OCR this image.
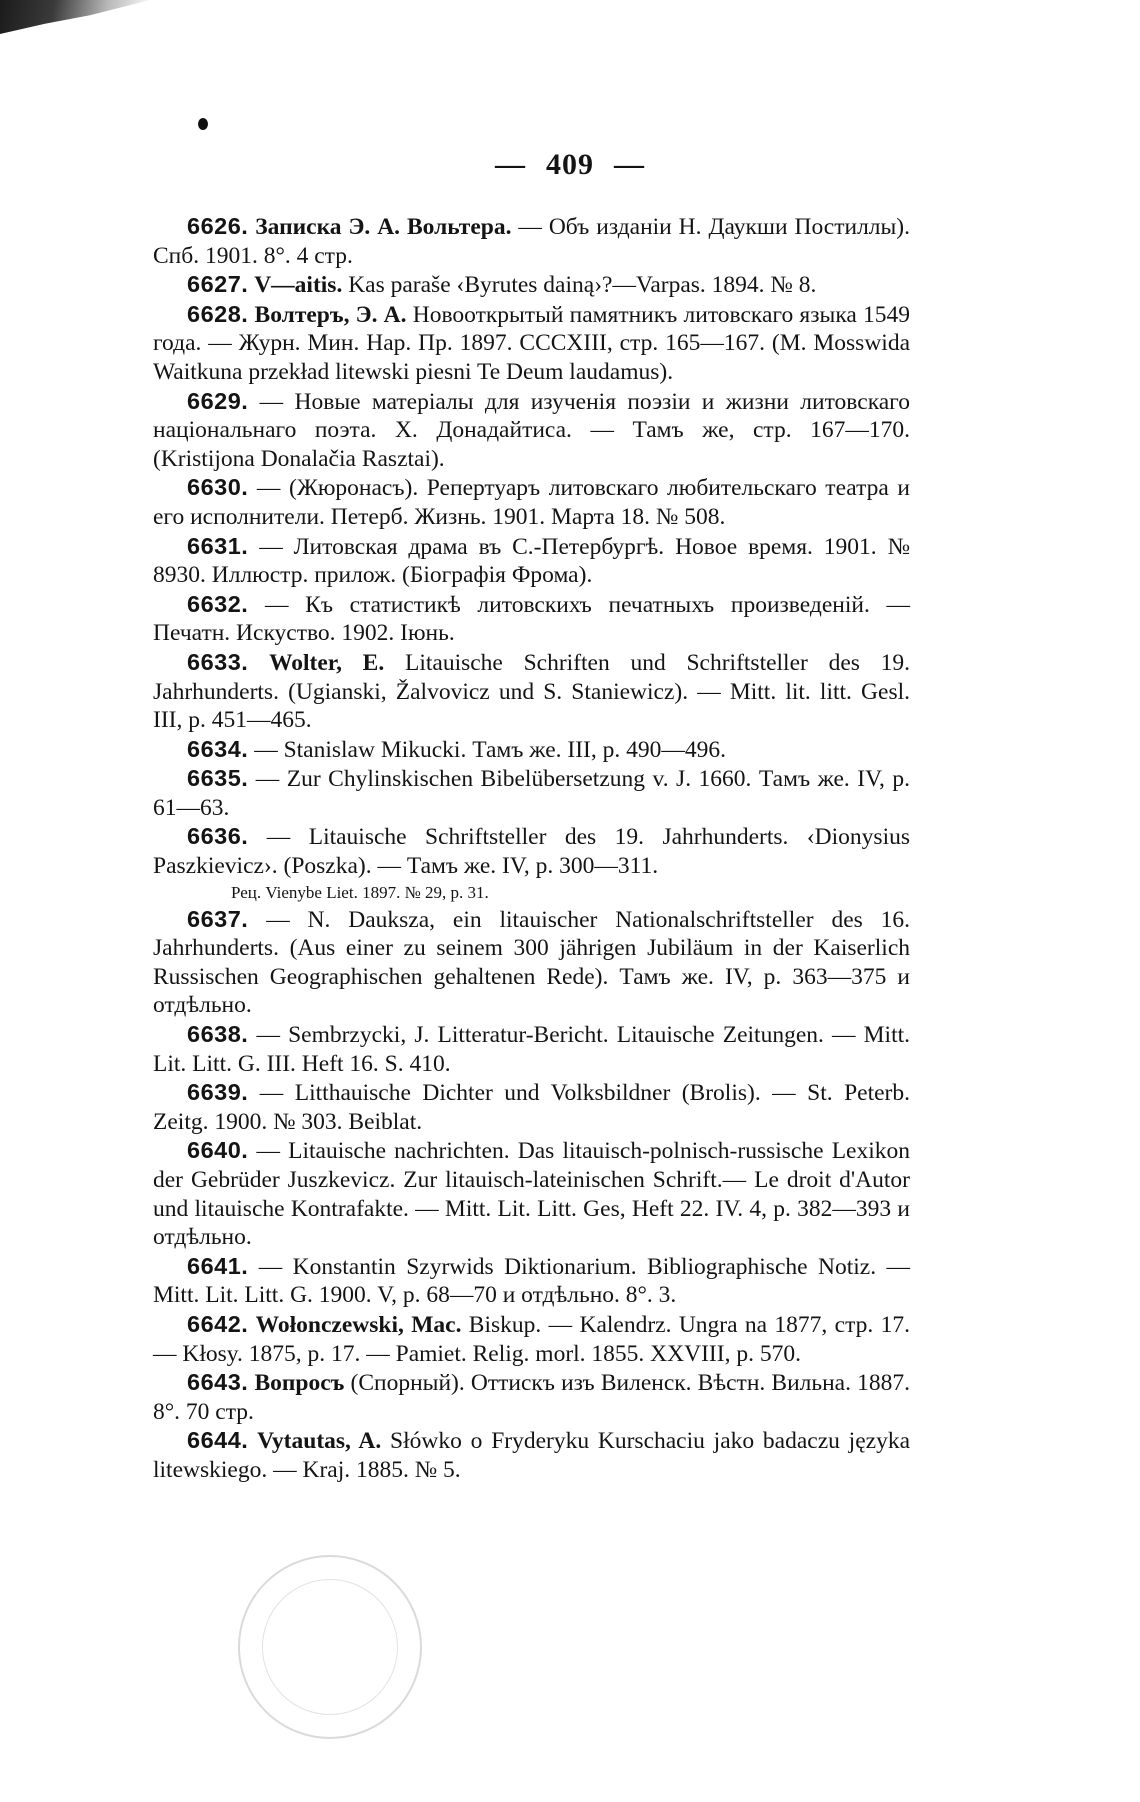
— 409 —
6626. Записка Э. А. Вольтера. — Объ изданіи Н. Даукши Постиллы). Спб. 1901. 8°. 4 стр.
6627. V—aitis. Kas paraše ‹Byrutes dainą›?—Varpas. 1894. № 8.
6628. Волтеръ, Э. А. Новооткрытый памятникъ литовскаго языка 1549 года. — Журн. Мин. Нар. Пр. 1897. CCCXIII, стр. 165—167. (M. Mosswida Waitkuna przekład litewski piesni Te Deum laudamus).
6629. — Новые матеріалы для изученія поэзіи и жизни литовскаго національнаго поэта. Х. Донадайтиса. — Тамъ же, стр. 167—170. (Kristijona Donalačia Rasztai).
6630. — (Жюронасъ). Репертуаръ литовскаго любительскаго театра и его исполнители. Петерб. Жизнь. 1901. Марта 18. № 508.
6631. — Литовская драма въ С.-Петербургѣ. Новое время. 1901. № 8930. Иллюстр. прилож. (Біографія Фрома).
6632. — Къ статистикѣ литовскихъ печатныхъ произведеній. — Печатн. Искуство. 1902. Іюнь.
6633. Wolter, E. Litauische Schriften und Schriftsteller des 19. Jahrhunderts. (Ugianski, Žalvovicz und S. Staniewicz). — Mitt. lit. litt. Gesl. III, p. 451—465.
6634. — Stanislaw Mikucki. Тамъ же. III, p. 490—496.
6635. — Zur Chylinskischen Bibelübersetzung v. J. 1660. Тамъ же. IV, p. 61—63.
6636. — Litauische Schriftsteller des 19. Jahrhunderts. ‹Dionysius Paszkievicz›. (Poszka). — Тамъ же. IV, p. 300—311.
Рец. Vienybe Liet. 1897. № 29, p. 31.
6637. — N. Dauksza, ein litauischer Nationalschriftsteller des 16. Jahrhunderts. (Aus einer zu seinem 300 jährigen Jubiläum in der Kaiserlich Russischen Geographischen gehaltenen Rede). Тамъ же. IV, p. 363—375 и отдѣльно.
6638. — Sembrzycki, J. Litteratur-Bericht. Litauische Zeitungen. — Mitt. Lit. Litt. G. III. Heft 16. S. 410.
6639. — Litthauische Dichter und Volksbildner (Brolis). — St. Peterb. Zeitg. 1900. № 303. Beiblat.
6640. — Litauische nachrichten. Das litauisch-polnisch-russische Lexikon der Gebrüder Juszkevicz. Zur litauisch-lateinischen Schrift.— Le droit d'Autor und litauische Kontrafakte. — Mitt. Lit. Litt. Ges, Heft 22. IV. 4, p. 382—393 и отдѣльно.
6641. — Konstantin Szyrwids Diktionarium. Bibliographische Notiz. — Mitt. Lit. Litt. G. 1900. V, p. 68—70 и отдѣльно. 8°. 3.
6642. Wołonczewski, Mac. Biskup. — Kalendrz. Ungra na 1877, стр. 17. — Kłosy. 1875, p. 17. — Pamiet. Relig. morl. 1855. XXVIII, p. 570.
6643. Вопросъ (Спорный). Оттискъ изъ Виленск. Вѣстн. Вильна. 1887. 8°. 70 стр.
6644. Vytautas, A. Słówko o Fryderyku Kurschaciu jako badaczu języka litewskiego. — Kraj. 1885. № 5.
